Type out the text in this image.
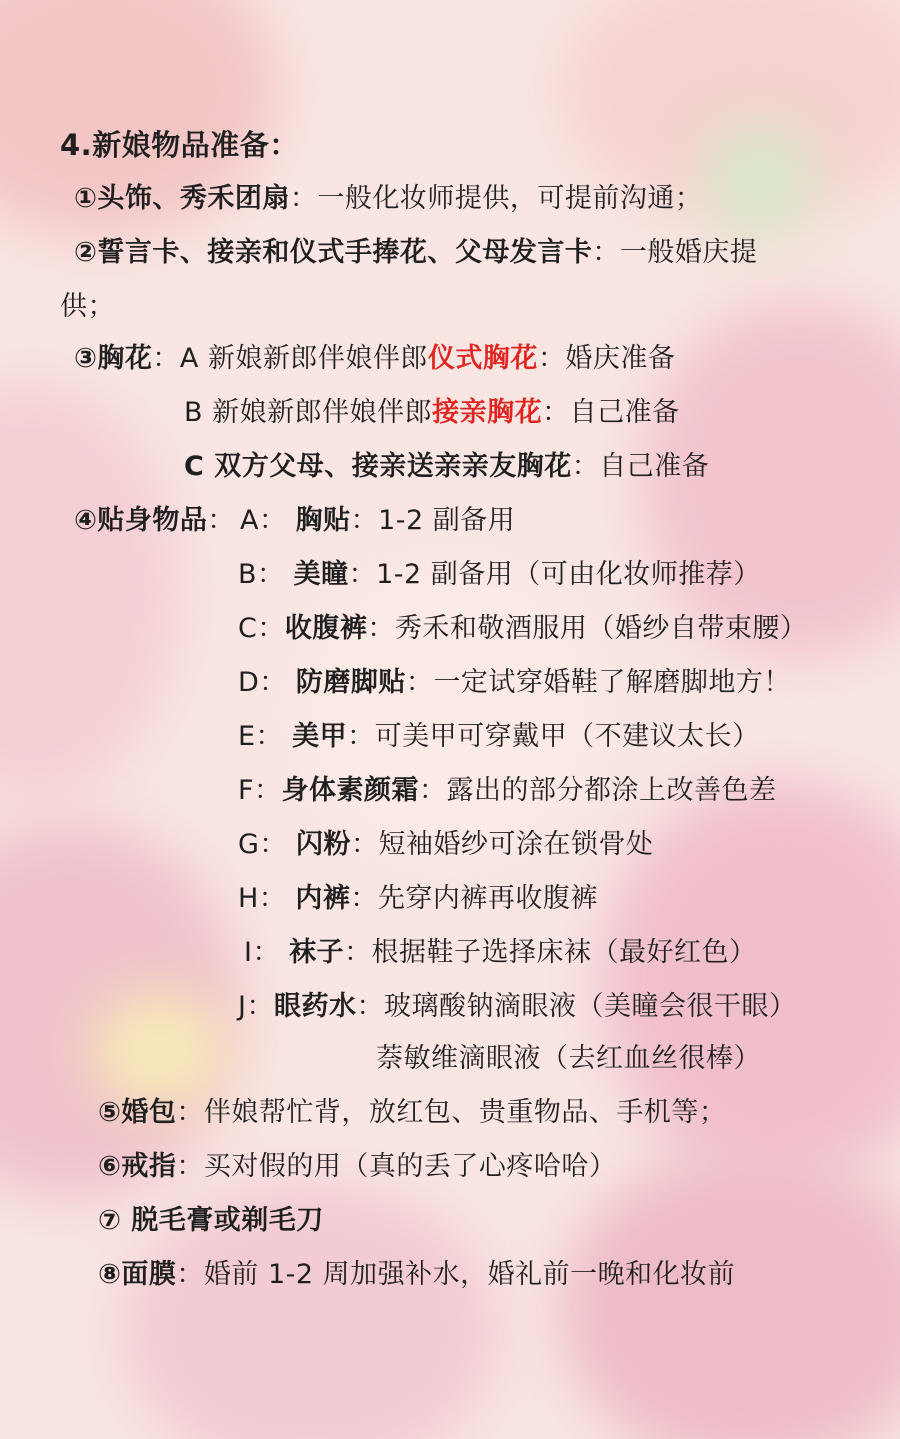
4.新娘物品准备：
①头饰、秀禾团扇：一般化妆师提供，可提前沟通；
②誓言卡、接亲和仪式手捧花、父母发言卡：一般婚庆提
供；
③胸花：A 新娘新郎伴娘伴郎仪式胸花：婚庆准备
B 新娘新郎伴娘伴郎接亲胸花：自己准备
C 双方父母、接亲送亲亲友胸花：自己准备
④贴身物品： A： 胸贴：1-2 副备用
B： 美瞳：1-2 副备用（可由化妆师推荐）
C：收腹裤：秀禾和敬酒服用（婚纱自带束腰）
D： 防磨脚贴：一定试穿婚鞋了解磨脚地方！
E： 美甲：可美甲可穿戴甲（不建议太长）
F：身体素颜霜：露出的部分都涂上改善色差
G： 闪粉：短袖婚纱可涂在锁骨处
H： 内裤：先穿内裤再收腹裤
I： 袜子：根据鞋子选择床袜（最好红色）
J：眼药水：玻璃酸钠滴眼液（美瞳会很干眼）
萘敏维滴眼液（去红血丝很棒）
⑤婚包：伴娘帮忙背，放红包、贵重物品、手机等；
⑥戒指：买对假的用（真的丢了心疼哈哈）
⑦ 脱毛膏或剃毛刀
⑧面膜：婚前 1-2 周加强补水，婚礼前一晚和化妆前
